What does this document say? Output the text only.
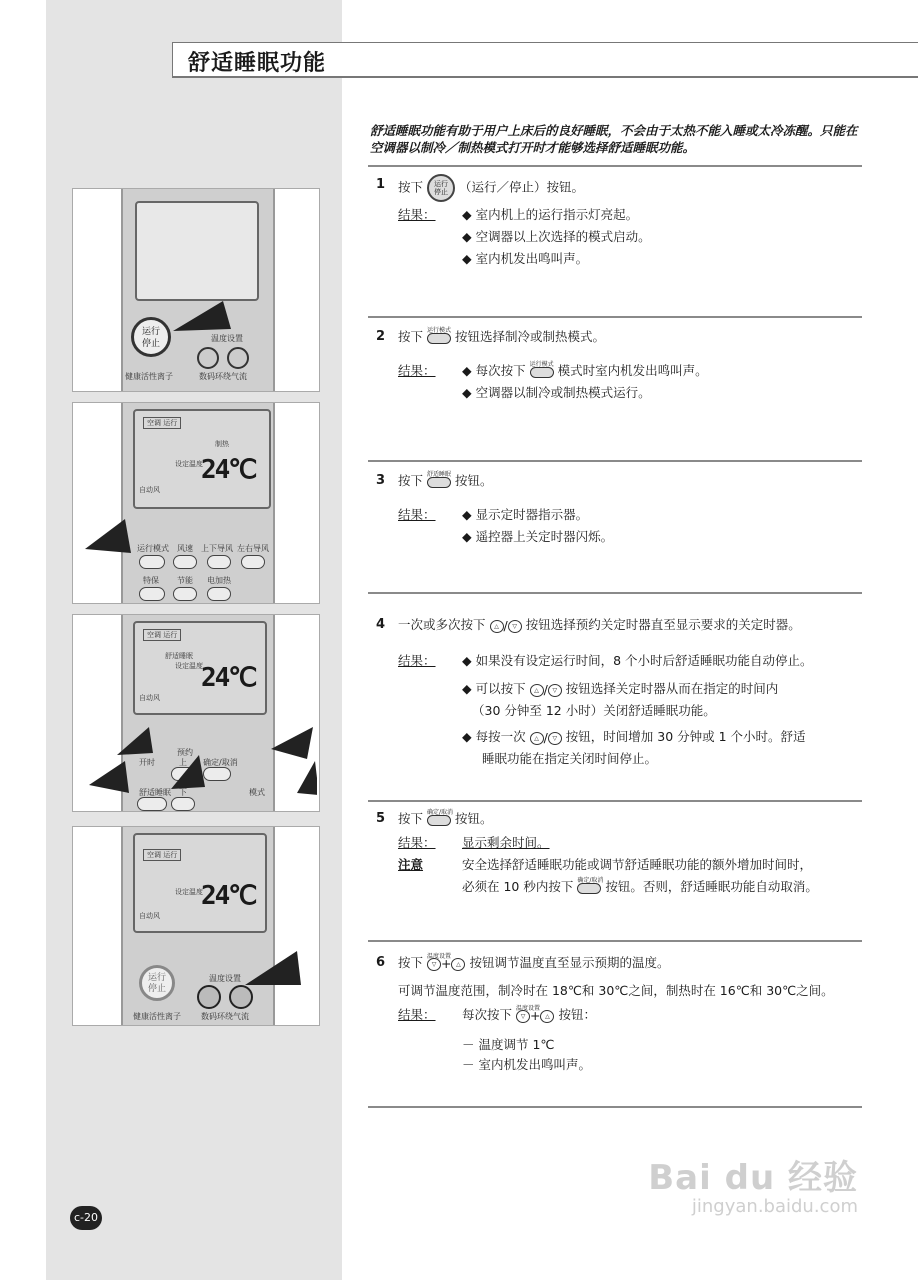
舒适睡眠功能
舒适睡眠功能有助于用户上床后的良好睡眠，不会由于太热不能入睡或太冷冻醒。只能在空调器以制冷／制热模式打开时才能够选择舒适睡眠功能。
1 按下 运行
停止 （运行／停止）按钮。
结果： ◆ 室内机上的运行指示灯亮起。
◆ 空调器以上次选择的模式启动。
◆ 室内机发出鸣叫声。
2 按下 运行模式 按钮选择制冷或制热模式。
结果： ◆ 每次按下 运行模式 模式时室内机发出鸣叫声。
◆ 空调器以制冷或制热模式运行。
3 按下 舒适睡眠 按钮。
结果： ◆ 显示定时器指示器。
◆ 遥控器上关定时器闪烁。
4 一次或多次按下 △ / ▽ 按钮选择预约关定时器直至显示要求的关定时器。
结果： ◆ 如果没有设定运行时间，8 个小时后舒适睡眠功能自动停止。
◆ 可以按下 △ / ▽ 按钮选择关定时器从而在指定的时间内
（30 分钟至 12 小时）关闭舒适睡眠功能。
◆ 每按一次 △ / ▽ 按钮，时间增加 30 分钟或 1 个小时。舒适
睡眠功能在指定关闭时间停止。
5 按下 确定/取消 按钮。
结果： 显示剩余时间。
注意	安全选择舒适睡眠功能或调节舒适睡眠功能的额外增加时间时，
必须在 10 秒内按下 确定/取消 按钮。否则，舒适睡眠功能自动取消。
6 按下 温度设置
▽ + △ 按钮调节温度直至显示预期的温度。
可调节温度范围，制冷时在 18℃和 30℃之间，制热时在 16℃和 30℃之间。
结果： 每次按下 温度设置
▽ + △ 按钮：
－ 温度调节 1℃
－ 室内机发出鸣叫声。
运行
停止
温度设置
健康活性离子	数码环绕气流
空调 运行
制热
设定温度
24℃
自动风
运行模式 风速 上下导风 左右导风
特保 节能 电加热
空调 运行
舒适睡眠
设定温度
24℃
自动风
预约
开时	上 确定/取消
舒适睡眠 下	模式
空调 运行
设定温度
24℃
自动风
运行
停止
温度设置
健康活性离子	数码环绕气流
c-20
Bai du 经验
jingyan.baidu.com
